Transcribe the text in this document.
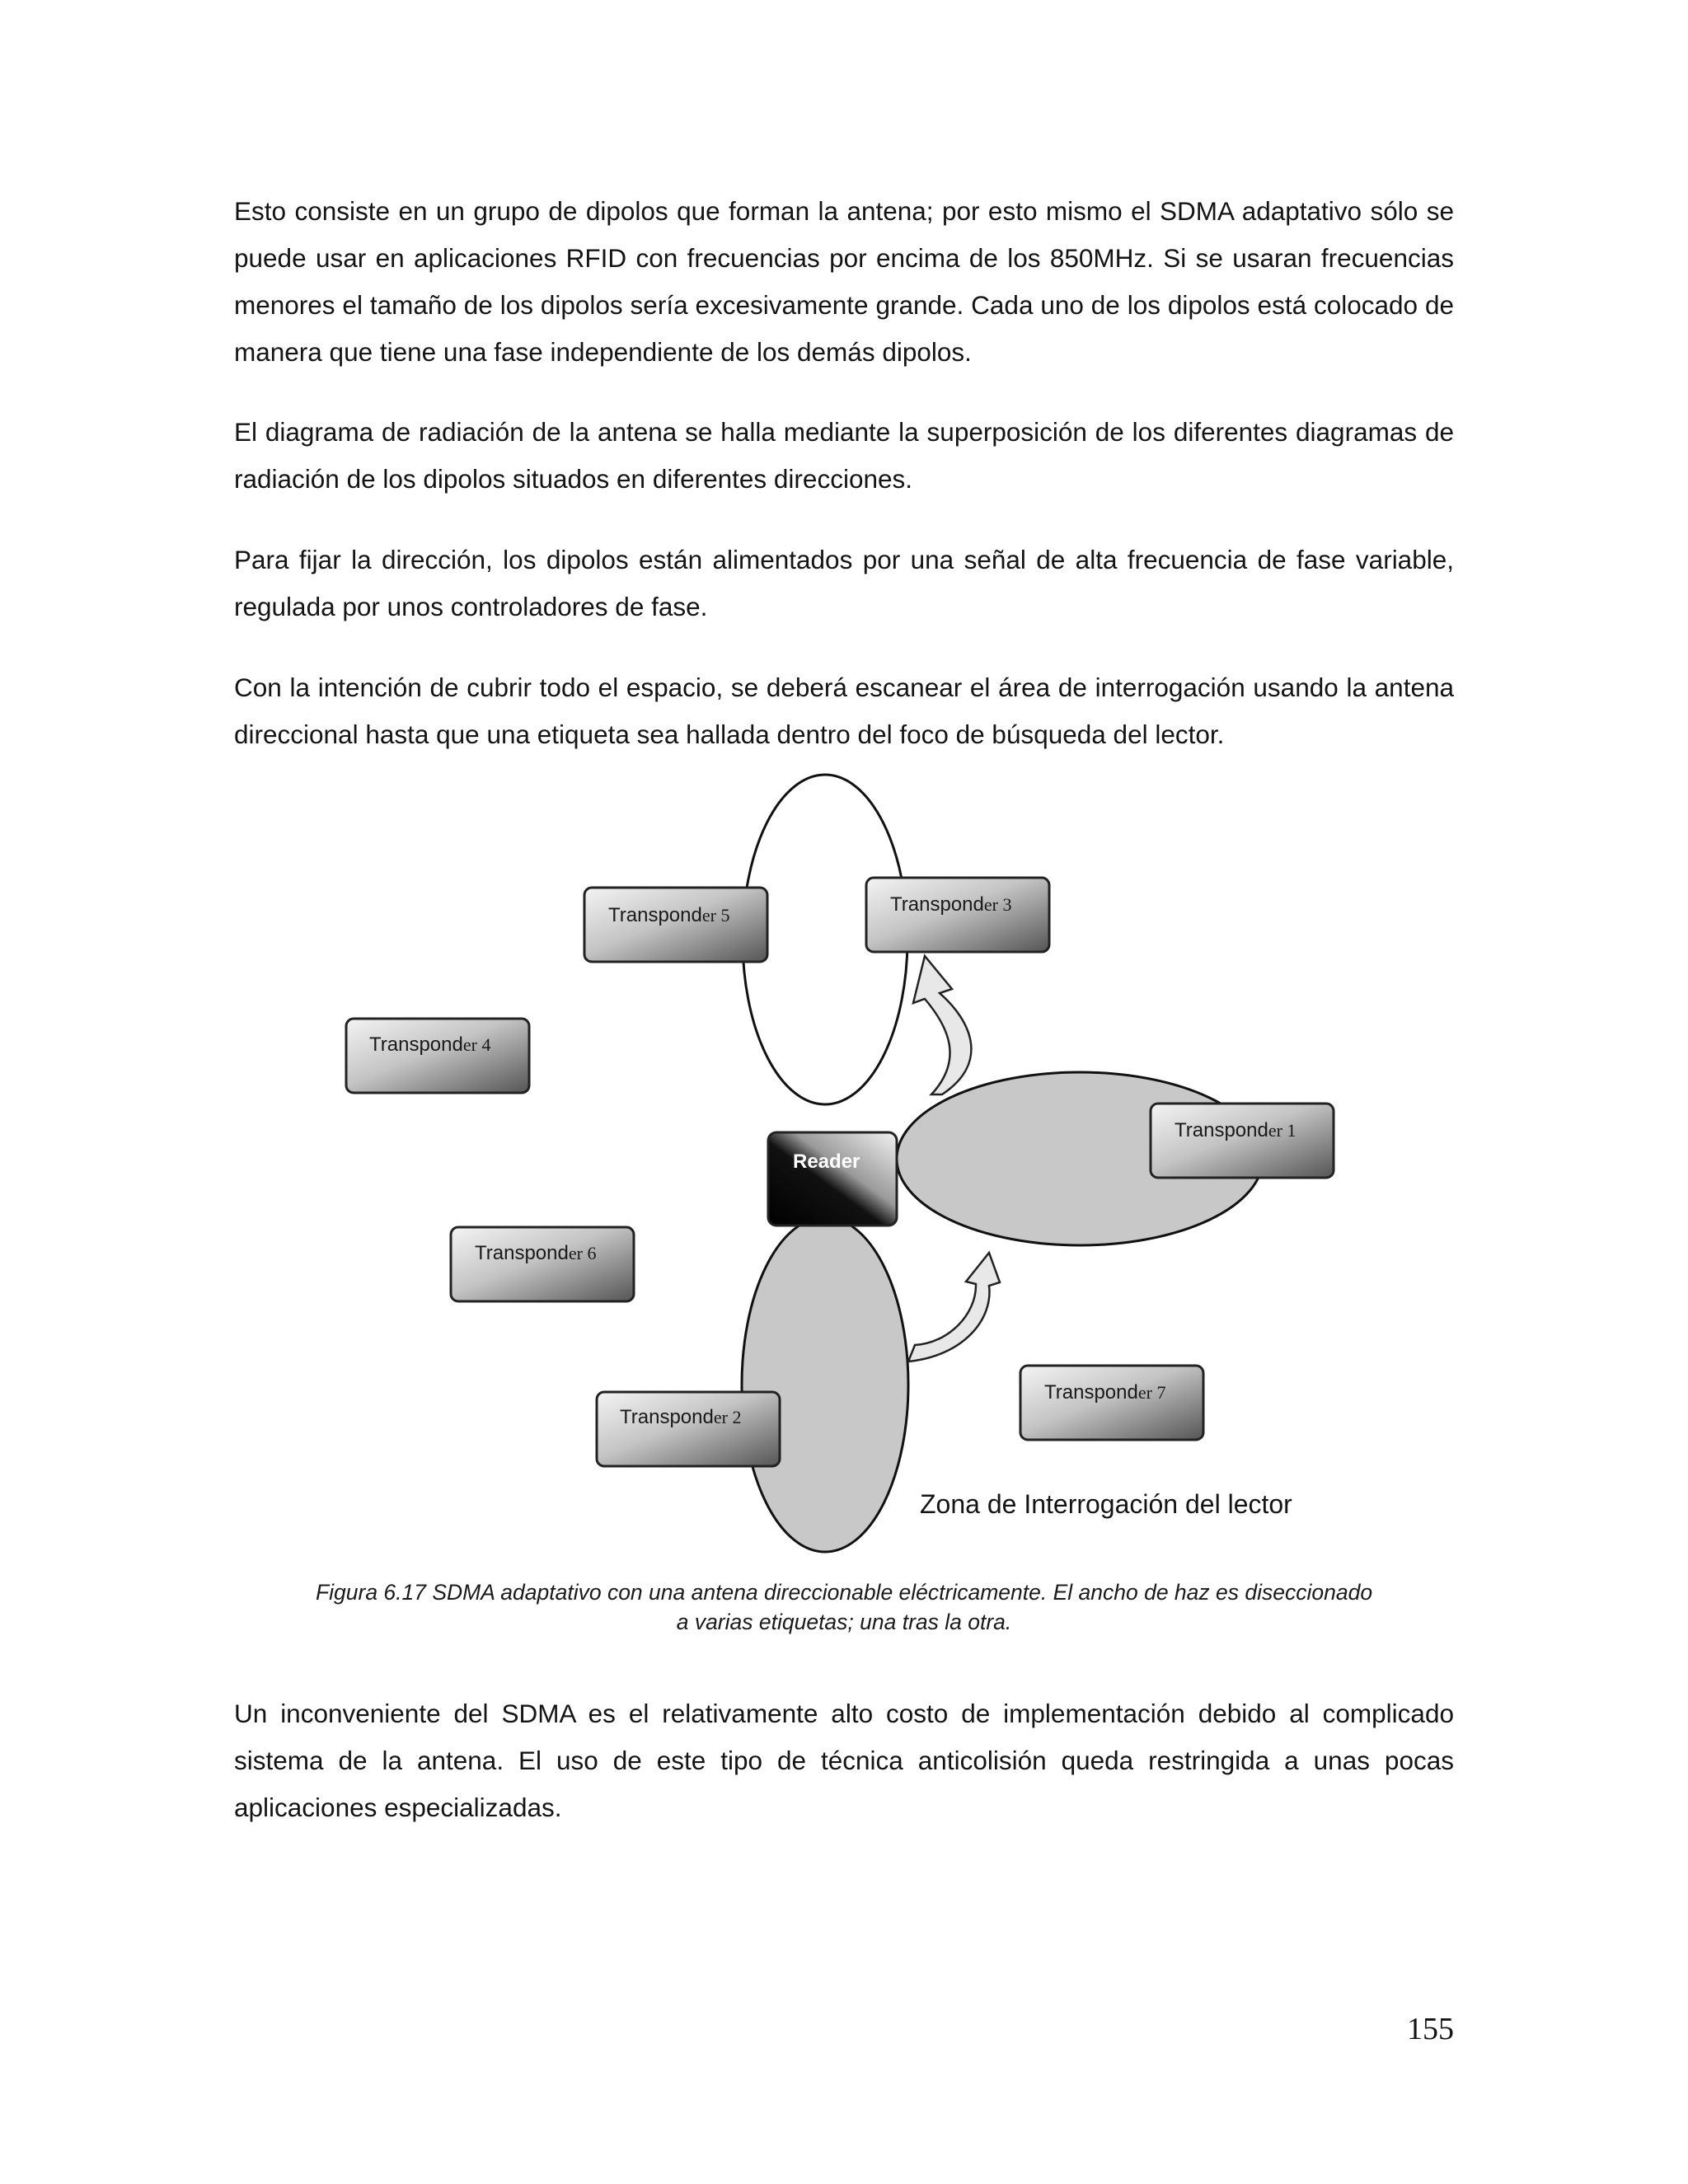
Esto consiste en un grupo de dipolos que forman la antena; por esto mismo el SDMA adaptativo sólo se puede usar en aplicaciones RFID con frecuencias por encima de los 850MHz. Si se usaran frecuencias menores el tamaño de los dipolos sería excesivamente grande. Cada uno de los dipolos está colocado de manera que tiene una fase independiente de los demás dipolos.

El diagrama de radiación de la antena se halla mediante la superposición de los diferentes diagramas de radiación de los dipolos situados en diferentes direcciones.

Para fijar la dirección, los dipolos están alimentados por una señal de alta frecuencia de fase variable, regulada por unos controladores de fase.

Con la intención de cubrir todo el espacio, se deberá escanear el área de interrogación usando la antena direccional hasta que una etiqueta sea hallada dentro del foco de búsqueda del lector.

Reader
Transponder 5	Transponder 3
Transponder 4
Transponder 1
Transponder 6
Transponder 7
Transponder 2
Zona de Interrogación del lector

Figura 6.17 SDMA adaptativo con una antena direccionable eléctricamente. El ancho de haz es diseccionado
a varias etiquetas; una tras la otra.

Un inconveniente del SDMA es el relativamente alto costo de implementación debido al complicado sistema de la antena. El uso de este tipo de técnica anticolisión queda restringida a unas pocas aplicaciones especializadas.

155
